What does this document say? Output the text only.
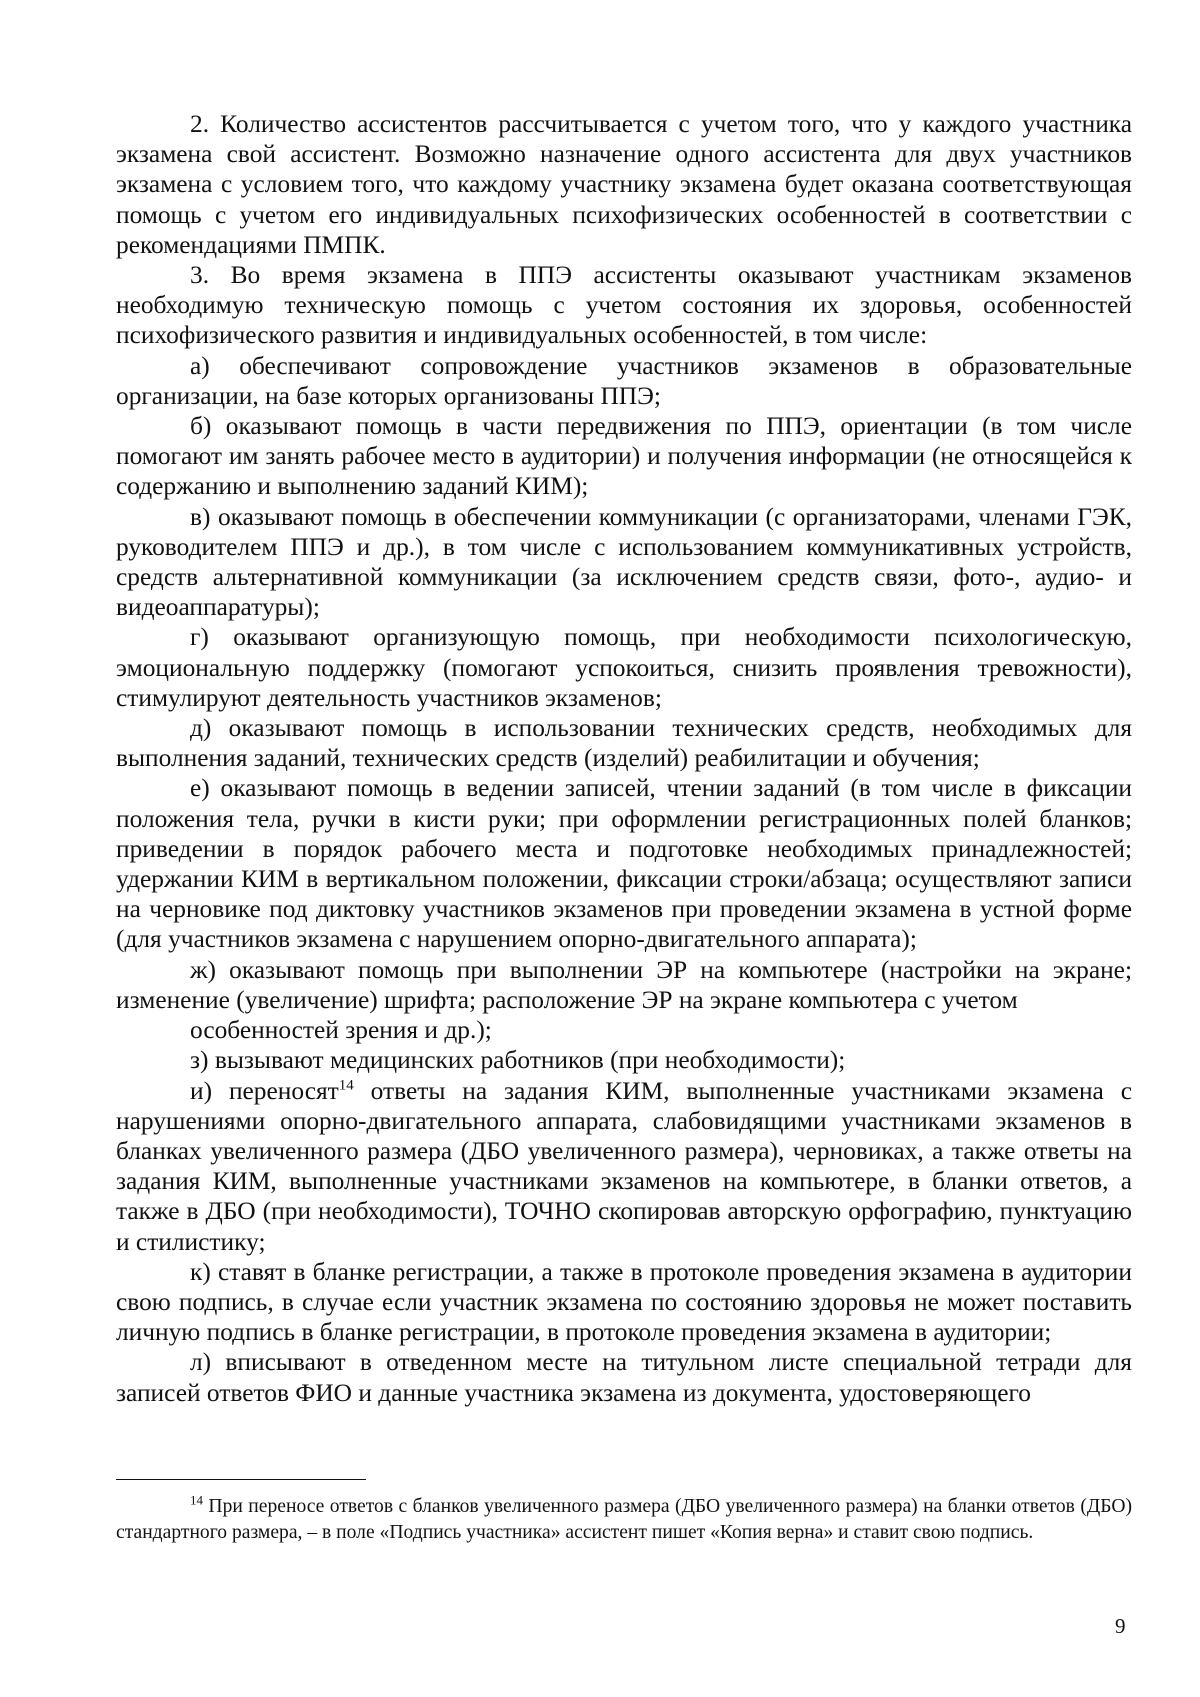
2. Количество ассистентов рассчитывается с учетом того, что у каждого участника экзамена свой ассистент. Возможно назначение одного ассистента для двух участников экзамена с условием того, что каждому участнику экзамена будет оказана соответствующая помощь с учетом его индивидуальных психофизических особенностей в соответствии с рекомендациями ПМПК.

3. Во время экзамена в ППЭ ассистенты оказывают участникам экзаменов необходимую техническую помощь с учетом состояния их здоровья, особенностей психофизического развития и индивидуальных особенностей, в том числе:

а) обеспечивают сопровождение участников экзаменов в образовательные организации, на базе которых организованы ППЭ;

б) оказывают помощь в части передвижения по ППЭ, ориентации (в том числе помогают им занять рабочее место в аудитории) и получения информации (не относящейся к содержанию и выполнению заданий КИМ);

в) оказывают помощь в обеспечении коммуникации (с организаторами, членами ГЭК, руководителем ППЭ и др.), в том числе с использованием коммуникативных устройств, средств альтернативной коммуникации (за исключением средств связи, фото-, аудио- и видеоаппаратуры);

г) оказывают организующую помощь, при необходимости психологическую, эмоциональную поддержку (помогают успокоиться, снизить проявления тревожности), стимулируют деятельность участников экзаменов;

д) оказывают помощь в использовании технических средств, необходимых для выполнения заданий, технических средств (изделий) реабилитации и обучения;

е) оказывают помощь в ведении записей, чтении заданий (в том числе в фиксации положения тела, ручки в кисти руки; при оформлении регистрационных полей бланков; приведении в порядок рабочего места и подготовке необходимых принадлежностей; удержании КИМ в вертикальном положении, фиксации строки/абзаца; осуществляют записи на черновике под диктовку участников экзаменов при проведении экзамена в устной форме (для участников экзамена с нарушением опорно-двигательного аппарата);

ж) оказывают помощь при выполнении ЭР на компьютере (настройки на экране; изменение (увеличение) шрифта; расположение ЭР на экране компьютера с учетом

особенностей зрения и др.);

з) вызывают медицинских работников (при необходимости);

и) переносят$^{14}$ ответы на задания КИМ, выполненные участниками экзамена с нарушениями опорно-двигательного аппарата, слабовидящими участниками экзаменов в бланках увеличенного размера (ДБО увеличенного размера), черновиках, а также ответы на задания КИМ, выполненные участниками экзаменов на компьютере, в бланки ответов, а также в ДБО (при необходимости), ТОЧНО скопировав авторскую орфографию, пунктуацию и стилистику;

к) ставят в бланке регистрации, а также в протоколе проведения экзамена в аудитории свою подпись, в случае если участник экзамена по состоянию здоровья не может поставить личную подпись в бланке регистрации, в протоколе проведения экзамена в аудитории;

л) вписывают в отведенном месте на титульном листе специальной тетради для записей ответов ФИО и данные участника экзамена из документа, удостоверяющего

$^{14}$ При переносе ответов с бланков увеличенного размера (ДБО увеличенного размера) на бланки ответов (ДБО) стандартного размера, – в поле «Подпись участника» ассистент пишет «Копия верна» и ставит свою подпись.

9
